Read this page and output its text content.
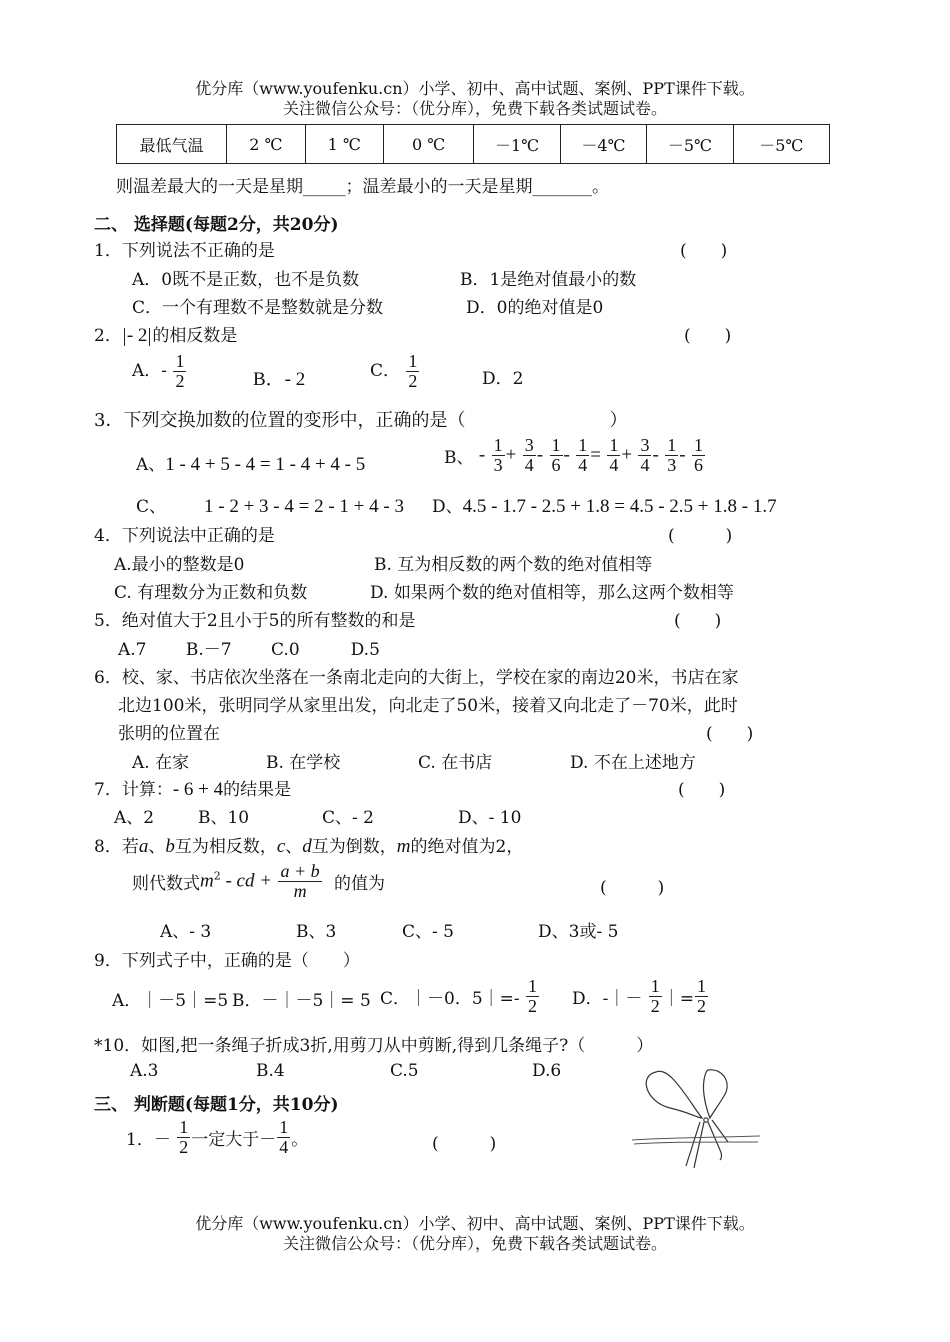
优分库（www.youfenku.cn）小学、初中、高中试题、案例、PPT课件下载。
关注微信公众号：（优分库），免费下载各类试题试卷。
最低气温	2 ℃	1 ℃	0 ℃	－1℃	－4℃	－5℃	－5℃
则温差最大的一天是星期_____；温差最小的一天是星期_______。
二、 选择题(每题2分，共20分)
1．下列说法不正确的是	(　　)
A．0既不是正数，也不是负数	B．1是绝对值最小的数
C．一个有理数不是整数就是分数	D．0的绝对值是0
2． - 2 的相反数是	(　　)
A．- $\frac{1}{2}$	B．- 2	C． $\frac{1}{2}$	D．2
3．下列交换加数的位置的变形中，正确的是（　　　　　　　　）
A、1 - 4 + 5 - 4 = 1 - 4 + 4 - 5	B、 - $\frac{1}{3} + \frac{3}{4} - \frac{1}{6} - \frac{1}{4} = \frac{1}{4} + \frac{3}{4} - \frac{1}{3} - \frac{1}{6}$
C、 1 - 2 + 3 - 4 = 2 - 1 + 4 - 3 D、4.5 - 1.7 - 2.5 + 1.8 = 4.5 - 2.5 + 1.8 - 1.7
4．下列说法中正确的是	(　　　)
A.最小的整数是0	B. 互为相反数的两个数的绝对值相等
C. 有理数分为正数和负数	D. 如果两个数的绝对值相等，那么这两个数相等
5．绝对值大于2且小于5的所有整数的和是	(　　)
A.7　　 B.－7　　 C.0　　　D.5
6．校、家、书店依次坐落在一条南北走向的大街上，学校在家的南边20米，书店在家
北边100米，张明同学从家里出发，向北走了50米，接着又向北走了－70米，此时
张明的位置在	(　　)
A. 在家	B. 在学校	C. 在书店	D. 不在上述地方
7．计算：- 6 + 4的结果是	(　　)
A、2	B、10	C、- 2	D、- 10
8．若a、b互为相反数，c、d互为倒数，m的绝对值为2，
则代数式$m^2$ - cd + $\frac{a + b}{m}$ 的值为	(　　　)
A、- 3	B、3	C、- 5	D、3或- 5
9．下列式子中，正确的是（　　）
A．｜－5｜=5 B．－｜－5｜= 5 C．｜－0．5｜=- $\frac{1}{2}$ D．-｜－ $\frac{1}{2}$ ｜= $\frac{1}{2}$
*10．如图,把一条绳子折成3折,用剪刀从中剪断,得到几条绳子?（　　　）
A.3	B.4	C.5	D.6
三、 判断题(每题1分，共10分)
1．－ $\frac{1}{2}$ 一定大于－ $\frac{1}{4}$ 。	(　　　)
优分库（www.youfenku.cn）小学、初中、高中试题、案例、PPT课件下载。
关注微信公众号：（优分库），免费下载各类试题试卷。
